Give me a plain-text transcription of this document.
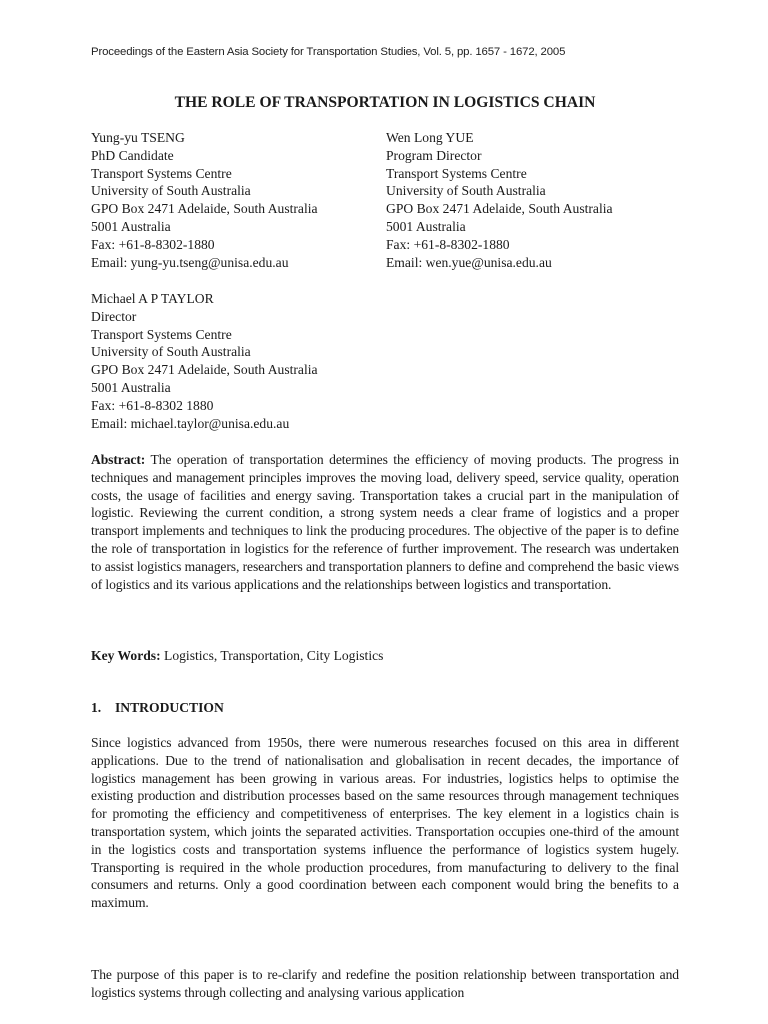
Proceedings of the Eastern Asia Society for Transportation Studies, Vol. 5, pp. 1657 - 1672, 2005
THE ROLE OF TRANSPORTATION IN LOGISTICS CHAIN
Yung-yu TSENG
PhD Candidate
Transport Systems Centre
University of South Australia
GPO Box 2471 Adelaide, South Australia
5001 Australia
Fax: +61-8-8302-1880
Email: yung-yu.tseng@unisa.edu.au
Wen Long YUE
Program Director
Transport Systems Centre
University of South Australia
GPO Box 2471 Adelaide, South Australia
5001 Australia
Fax: +61-8-8302-1880
Email: wen.yue@unisa.edu.au
Michael A P TAYLOR
Director
Transport Systems Centre
University of South Australia
GPO Box 2471 Adelaide, South Australia
5001 Australia
Fax: +61-8-8302 1880
Email: michael.taylor@unisa.edu.au
Abstract: The operation of transportation determines the efficiency of moving products. The progress in techniques and management principles improves the moving load, delivery speed, service quality, operation costs, the usage of facilities and energy saving. Transportation takes a crucial part in the manipulation of logistic. Reviewing the current condition, a strong system needs a clear frame of logistics and a proper transport implements and techniques to link the producing procedures. The objective of the paper is to define the role of transportation in logistics for the reference of further improvement. The research was undertaken to assist logistics managers, researchers and transportation planners to define and comprehend the basic views of logistics and its various applications and the relationships between logistics and transportation.
Key Words: Logistics, Transportation, City Logistics
1. INTRODUCTION
Since logistics advanced from 1950s, there were numerous researches focused on this area in different applications. Due to the trend of nationalisation and globalisation in recent decades, the importance of logistics management has been growing in various areas. For industries, logistics helps to optimise the existing production and distribution processes based on the same resources through management techniques for promoting the efficiency and competitiveness of enterprises. The key element in a logistics chain is transportation system, which joints the separated activities. Transportation occupies one-third of the amount in the logistics costs and transportation systems influence the performance of logistics system hugely. Transporting is required in the whole production procedures, from manufacturing to delivery to the final consumers and returns. Only a good coordination between each component would bring the benefits to a maximum.
The purpose of this paper is to re-clarify and redefine the position relationship between transportation and logistics systems through collecting and analysing various application
